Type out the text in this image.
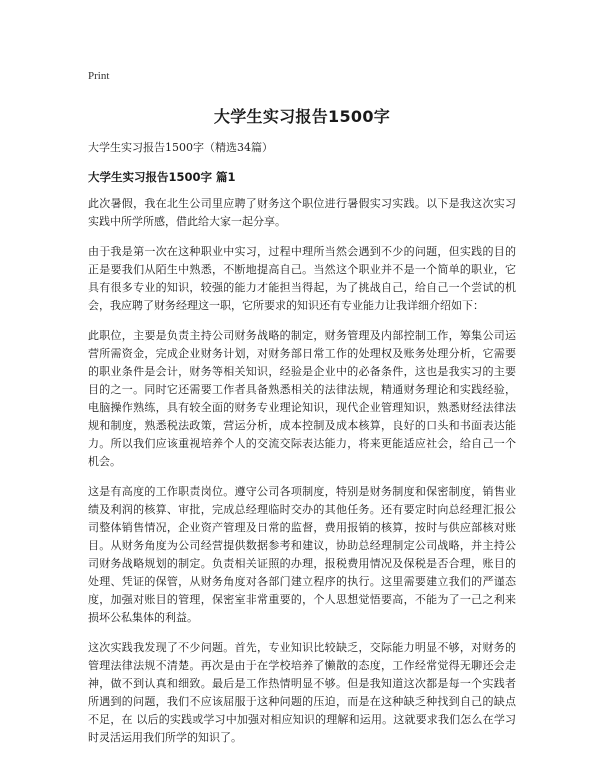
Print
大学生实习报告1500字
大学生实习报告1500字（精选34篇）
大学生实习报告1500字 篇1

此次暑假，我在北生公司里应聘了财务这个职位进行暑假实习实践。以下是我这次实习实践中所学所感，借此给大家一起分享。

由于我是第一次在这种职业中实习，过程中理所当然会遇到不少的问题，但实践的目的正是要我们从陌生中熟悉，不断地提高自己。当然这个职业并不是一个简单的职业，它具有很多专业的知识，较强的能力才能担当得起，为了挑战自己，给自己一个尝试的机会，我应聘了财务经理这一职，它所要求的知识还有专业能力让我详细介绍如下：

此职位，主要是负责主持公司财务战略的制定，财务管理及内部控制工作，筹集公司运营所需资金，完成企业财务计划，对财务部日常工作的处理权及账务处理分析，它需要的职业条件是会计，财务等相关知识，经验是企业中的必备条件，这也是我实习的主要目的之一。同时它还需要工作者具备熟悉相关的法律法规，精通财务理论和实践经验，电脑操作熟练，具有较全面的财务专业理论知识，现代企业管理知识，熟悉财经法律法规和制度，熟悉税法政策，营运分析，成本控制及成本核算，良好的口头和书面表达能力。所以我们应该重视培养个人的交流交际表达能力，将来更能适应社会，给自己一个机会。

这是有高度的工作职责岗位。遵守公司各项制度，特别是财务制度和保密制度，销售业绩及利润的核算、审批，完成总经理临时交办的其他任务。还有要定时向总经理汇报公司整体销售情况，企业资产管理及日常的监督，费用报销的核算，按时与供应部核对账目。从财务角度为公司经营提供数据参考和建议，协助总经理制定公司战略，并主持公司财务战略规划的制定。负责相关证照的办理，报税费用情况及保税是否合理，账目的处理、凭证的保管，从财务角度对各部门建立程序的执行。这里需要建立我们的严谨态度，加强对账目的管理，保密室非常重要的，个人思想觉悟要高，不能为了一己之利来损坏公私集体的利益。

这次实践我发现了不少问题。首先，专业知识比较缺乏，交际能力明显不够，对财务的管理法律法规不清楚。再次是由于在学校培养了懒散的态度，工作经常觉得无聊还会走神，做不到认真和细致。最后是工作热情明显不够。但是我知道这次都是每一个实践者所遇到的问题，我们不应该屈服于这种问题的压迫，而是在这种缺乏种找到自己的缺点不足，在 以后的实践或学习中加强对相应知识的理解和运用。这就要求我们怎么在学习时灵活运用我们所学的知识了。
